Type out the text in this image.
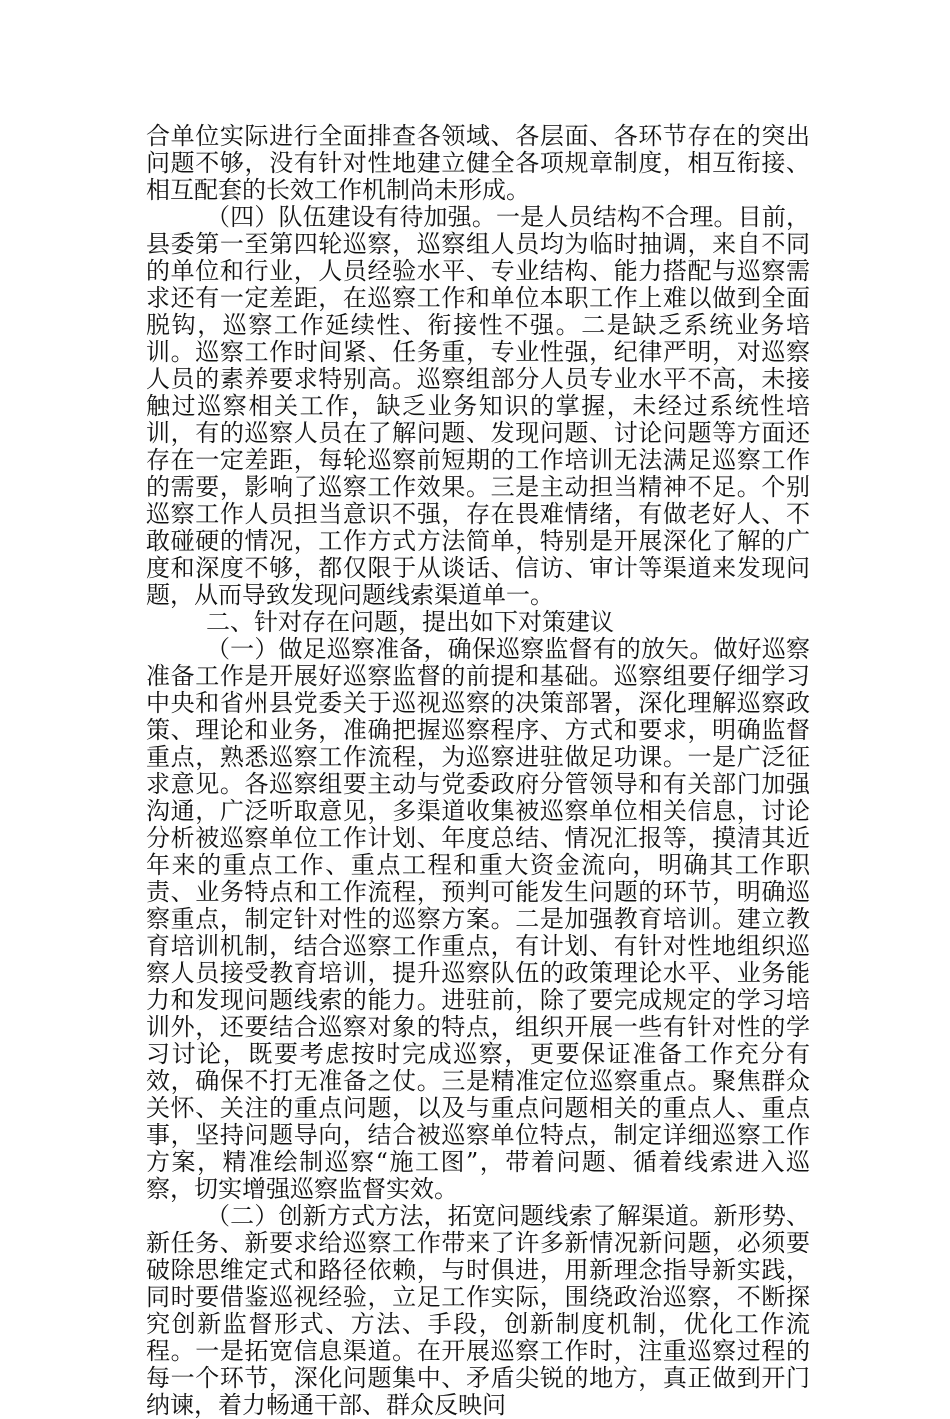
合单位实际进行全面排查各领域、各层面、各环节存在的突出问题不够，没有针对性地建立健全各项规章制度，相互衔接、相互配套的长效工作机制尚未形成。

（四）队伍建设有待加强。一是人员结构不合理。目前，县委第一至第四轮巡察，巡察组人员均为临时抽调，来自不同的单位和行业，人员经验水平、专业结构、能力搭配与巡察需求还有一定差距，在巡察工作和单位本职工作上难以做到全面脱钩，巡察工作延续性、衔接性不强。二是缺乏系统业务培训。巡察工作时间紧、任务重，专业性强，纪律严明，对巡察人员的素养要求特别高。巡察组部分人员专业水平不高，未接触过巡察相关工作，缺乏业务知识的掌握，未经过系统性培训，有的巡察人员在了解问题、发现问题、讨论问题等方面还存在一定差距，每轮巡察前短期的工作培训无法满足巡察工作的需要，影响了巡察工作效果。三是主动担当精神不足。个别巡察工作人员担当意识不强，存在畏难情绪，有做老好人、不敢碰硬的情况，工作方式方法简单，特别是开展深化了解的广度和深度不够，都仅限于从谈话、信访、审计等渠道来发现问题，从而导致发现问题线索渠道单一。

二、针对存在问题，提出如下对策建议

（一）做足巡察准备，确保巡察监督有的放矢。做好巡察准备工作是开展好巡察监督的前提和基础。巡察组要仔细学习中央和省州县党委关于巡视巡察的决策部署，深化理解巡察政策、理论和业务，准确把握巡察程序、方式和要求，明确监督重点，熟悉巡察工作流程，为巡察进驻做足功课。一是广泛征求意见。各巡察组要主动与党委政府分管领导和有关部门加强沟通，广泛听取意见，多渠道收集被巡察单位相关信息，讨论分析被巡察单位工作计划、年度总结、情况汇报等，摸清其近年来的重点工作、重点工程和重大资金流向，明确其工作职责、业务特点和工作流程，预判可能发生问题的环节，明确巡察重点，制定针对性的巡察方案。二是加强教育培训。建立教育培训机制，结合巡察工作重点，有计划、有针对性地组织巡察人员接受教育培训，提升巡察队伍的政策理论水平、业务能力和发现问题线索的能力。进驻前，除了要完成规定的学习培训外，还要结合巡察对象的特点，组织开展一些有针对性的学习讨论，既要考虑按时完成巡察，更要保证准备工作充分有效，确保不打无准备之仗。三是精准定位巡察重点。聚焦群众关怀、关注的重点问题，以及与重点问题相关的重点人、重点事，坚持问题导向，结合被巡察单位特点，制定详细巡察工作方案，精准绘制巡察“施工图”，带着问题、循着线索进入巡察，切实增强巡察监督实效。

（二）创新方式方法，拓宽问题线索了解渠道。新形势、新任务、新要求给巡察工作带来了许多新情况新问题，必须要破除思维定式和路径依赖，与时俱进，用新理念指导新实践，同时要借鉴巡视经验，立足工作实际，围绕政治巡察，不断探究创新监督形式、方法、手段，创新制度机制，优化工作流程。一是拓宽信息渠道。在开展巡察工作时，注重巡察过程的每一个环节，深化问题集中、矛盾尖锐的地方，真正做到开门纳谏，着力畅通干部、群众反映问
